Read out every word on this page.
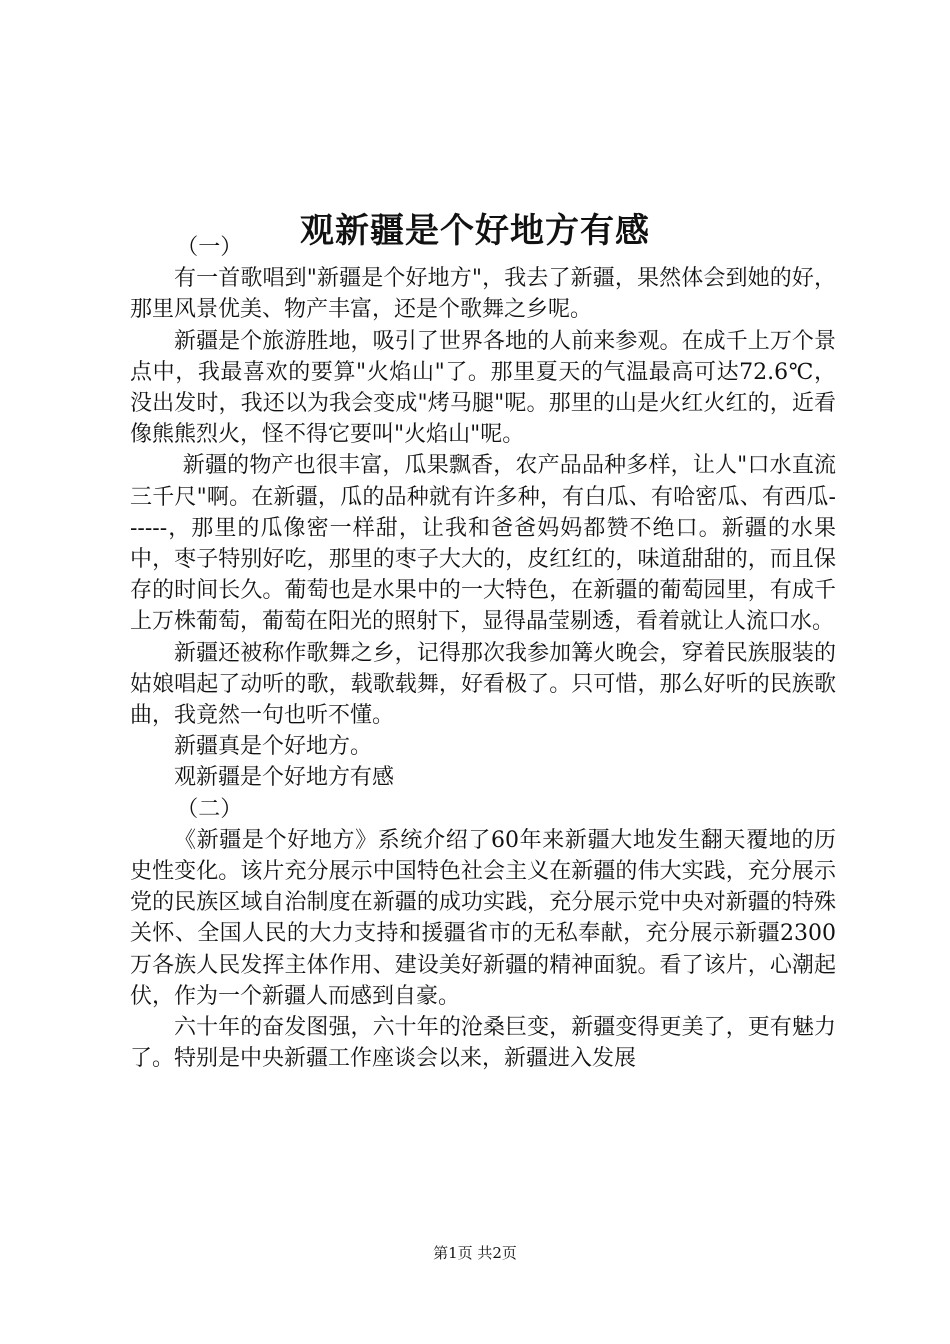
观新疆是个好地方有感

（一）

有一首歌唱到"新疆是个好地方"，我去了新疆，果然体会到她的好，那里风景优美、物产丰富，还是个歌舞之乡呢。

新疆是个旅游胜地，吸引了世界各地的人前来参观。在成千上万个景点中，我最喜欢的要算"火焰山"了。那里夏天的气温最高可达72.6℃，没出发时，我还以为我会变成"烤马腿"呢。那里的山是火红火红的，近看像熊熊烈火，怪不得它要叫"火焰山"呢。

新疆的物产也很丰富，瓜果飘香，农产品品种多样，让人"口水直流三千尺"啊。在新疆，瓜的品种就有许多种，有白瓜、有哈密瓜、有西瓜------，那里的瓜像密一样甜，让我和爸爸妈妈都赞不绝口。新疆的水果中，枣子特别好吃，那里的枣子大大的，皮红红的，味道甜甜的，而且保存的时间长久。葡萄也是水果中的一大特色，在新疆的葡萄园里，有成千上万株葡萄，葡萄在阳光的照射下，显得晶莹剔透，看着就让人流口水。

新疆还被称作歌舞之乡，记得那次我参加篝火晚会，穿着民族服装的姑娘唱起了动听的歌，载歌载舞，好看极了。只可惜，那么好听的民族歌曲，我竟然一句也听不懂。

新疆真是个好地方。

观新疆是个好地方有感

（二）

《新疆是个好地方》系统介绍了60年来新疆大地发生翻天覆地的历史性变化。该片充分展示中国特色社会主义在新疆的伟大实践，充分展示党的民族区域自治制度在新疆的成功实践，充分展示党中央对新疆的特殊关怀、全国人民的大力支持和援疆省市的无私奉献，充分展示新疆2300万各族人民发挥主体作用、建设美好新疆的精神面貌。看了该片，心潮起伏，作为一个新疆人而感到自豪。

六十年的奋发图强，六十年的沧桑巨变，新疆变得更美了，更有魅力了。特别是中央新疆工作座谈会以来，新疆进入发展

第1页 共2页
